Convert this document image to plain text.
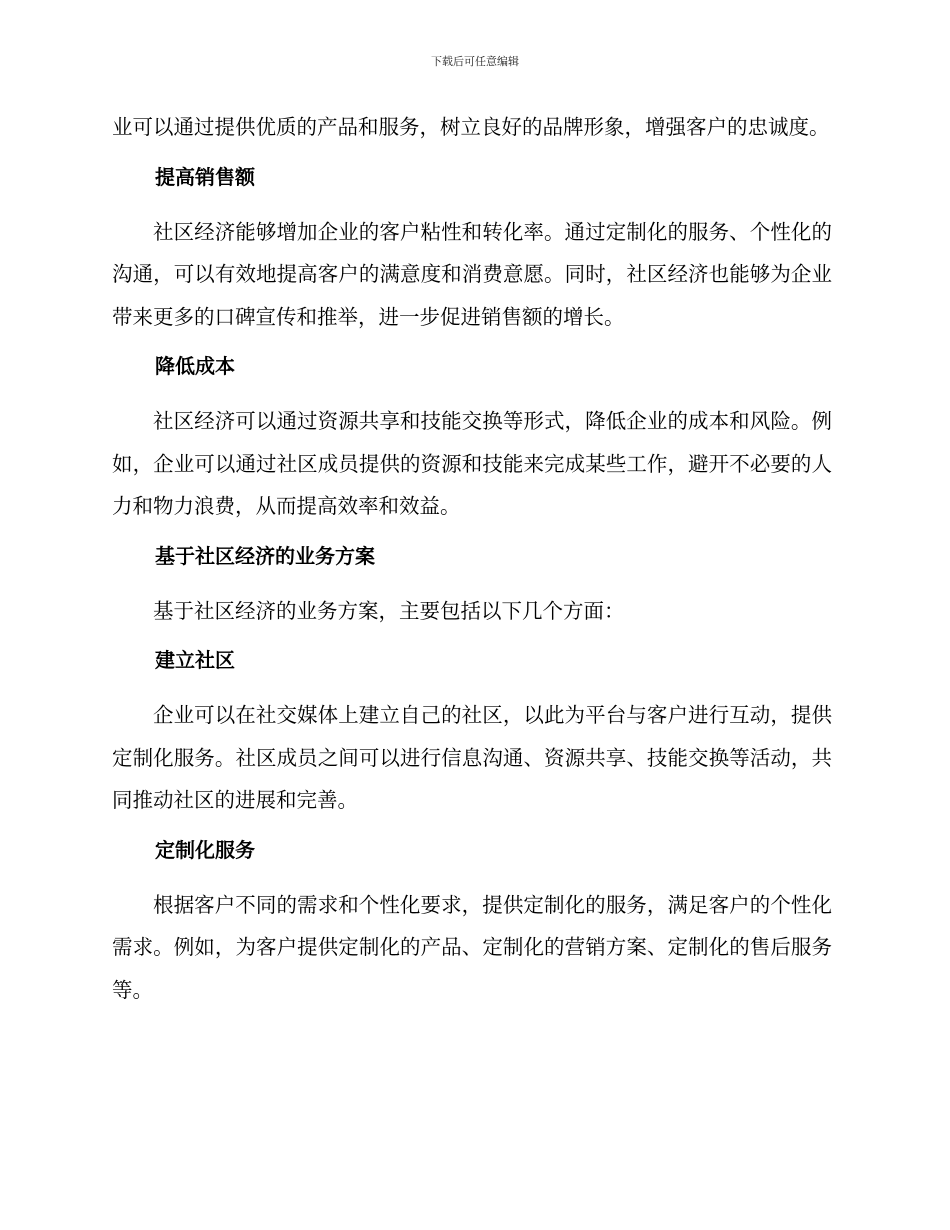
下载后可任意编辑

业可以通过提供优质的产品和服务，树立良好的品牌形象，增强客户的忠诚度。

提高销售额

社区经济能够增加企业的客户粘性和转化率。通过定制化的服务、个性化的沟通，可以有效地提高客户的满意度和消费意愿。同时，社区经济也能够为企业带来更多的口碑宣传和推举，进一步促进销售额的增长。

降低成本

社区经济可以通过资源共享和技能交换等形式，降低企业的成本和风险。例如，企业可以通过社区成员提供的资源和技能来完成某些工作，避开不必要的人力和物力浪费，从而提高效率和效益。

基于社区经济的业务方案

基于社区经济的业务方案，主要包括以下几个方面：

建立社区

企业可以在社交媒体上建立自己的社区，以此为平台与客户进行互动，提供定制化服务。社区成员之间可以进行信息沟通、资源共享、技能交换等活动，共同推动社区的进展和完善。

定制化服务

根据客户不同的需求和个性化要求，提供定制化的服务，满足客户的个性化需求。例如，为客户提供定制化的产品、定制化的营销方案、定制化的售后服务等。
